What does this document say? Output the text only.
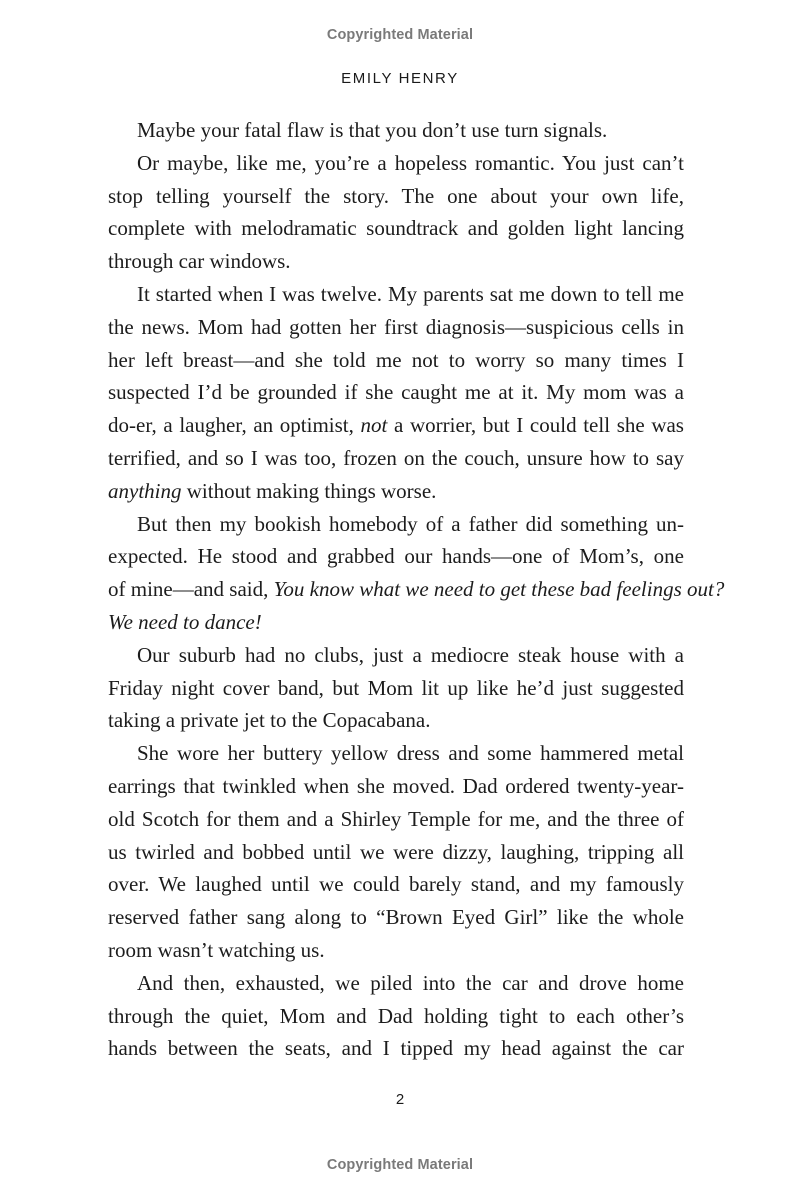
Copyrighted Material
EMILY HENRY
Maybe your fatal flaw is that you don’t use turn signals.
Or maybe, like me, you’re a hopeless romantic. You just can’t
stop telling yourself the story. The one about your own life,
complete with melodramatic soundtrack and golden light lancing
through car windows.
It started when I was twelve. My parents sat me down to tell me
the news. Mom had gotten her first diagnosis—suspicious cells in
her left breast—and she told me not to worry so many times I
suspected I’d be grounded if she caught me at it. My mom was a
do-er, a laugher, an optimist, not a worrier, but I could tell she was
terrified, and so I was too, frozen on the couch, unsure how to say
anything without making things worse.
But then my bookish homebody of a father did something un-
expected. He stood and grabbed our hands—one of Mom’s, one
of mine—and said, You know what we need to get these bad feelings out?
We need to dance!
Our suburb had no clubs, just a mediocre steak house with a
Friday night cover band, but Mom lit up like he’d just suggested
taking a private jet to the Copacabana.
She wore her buttery yellow dress and some hammered metal
earrings that twinkled when she moved. Dad ordered twenty-year-
old Scotch for them and a Shirley Temple for me, and the three of
us twirled and bobbed until we were dizzy, laughing, tripping all
over. We laughed until we could barely stand, and my famously
reserved father sang along to “Brown Eyed Girl” like the whole
room wasn’t watching us.
And then, exhausted, we piled into the car and drove home
through the quiet, Mom and Dad holding tight to each other’s
hands between the seats, and I tipped my head against the car
2
Copyrighted Material
